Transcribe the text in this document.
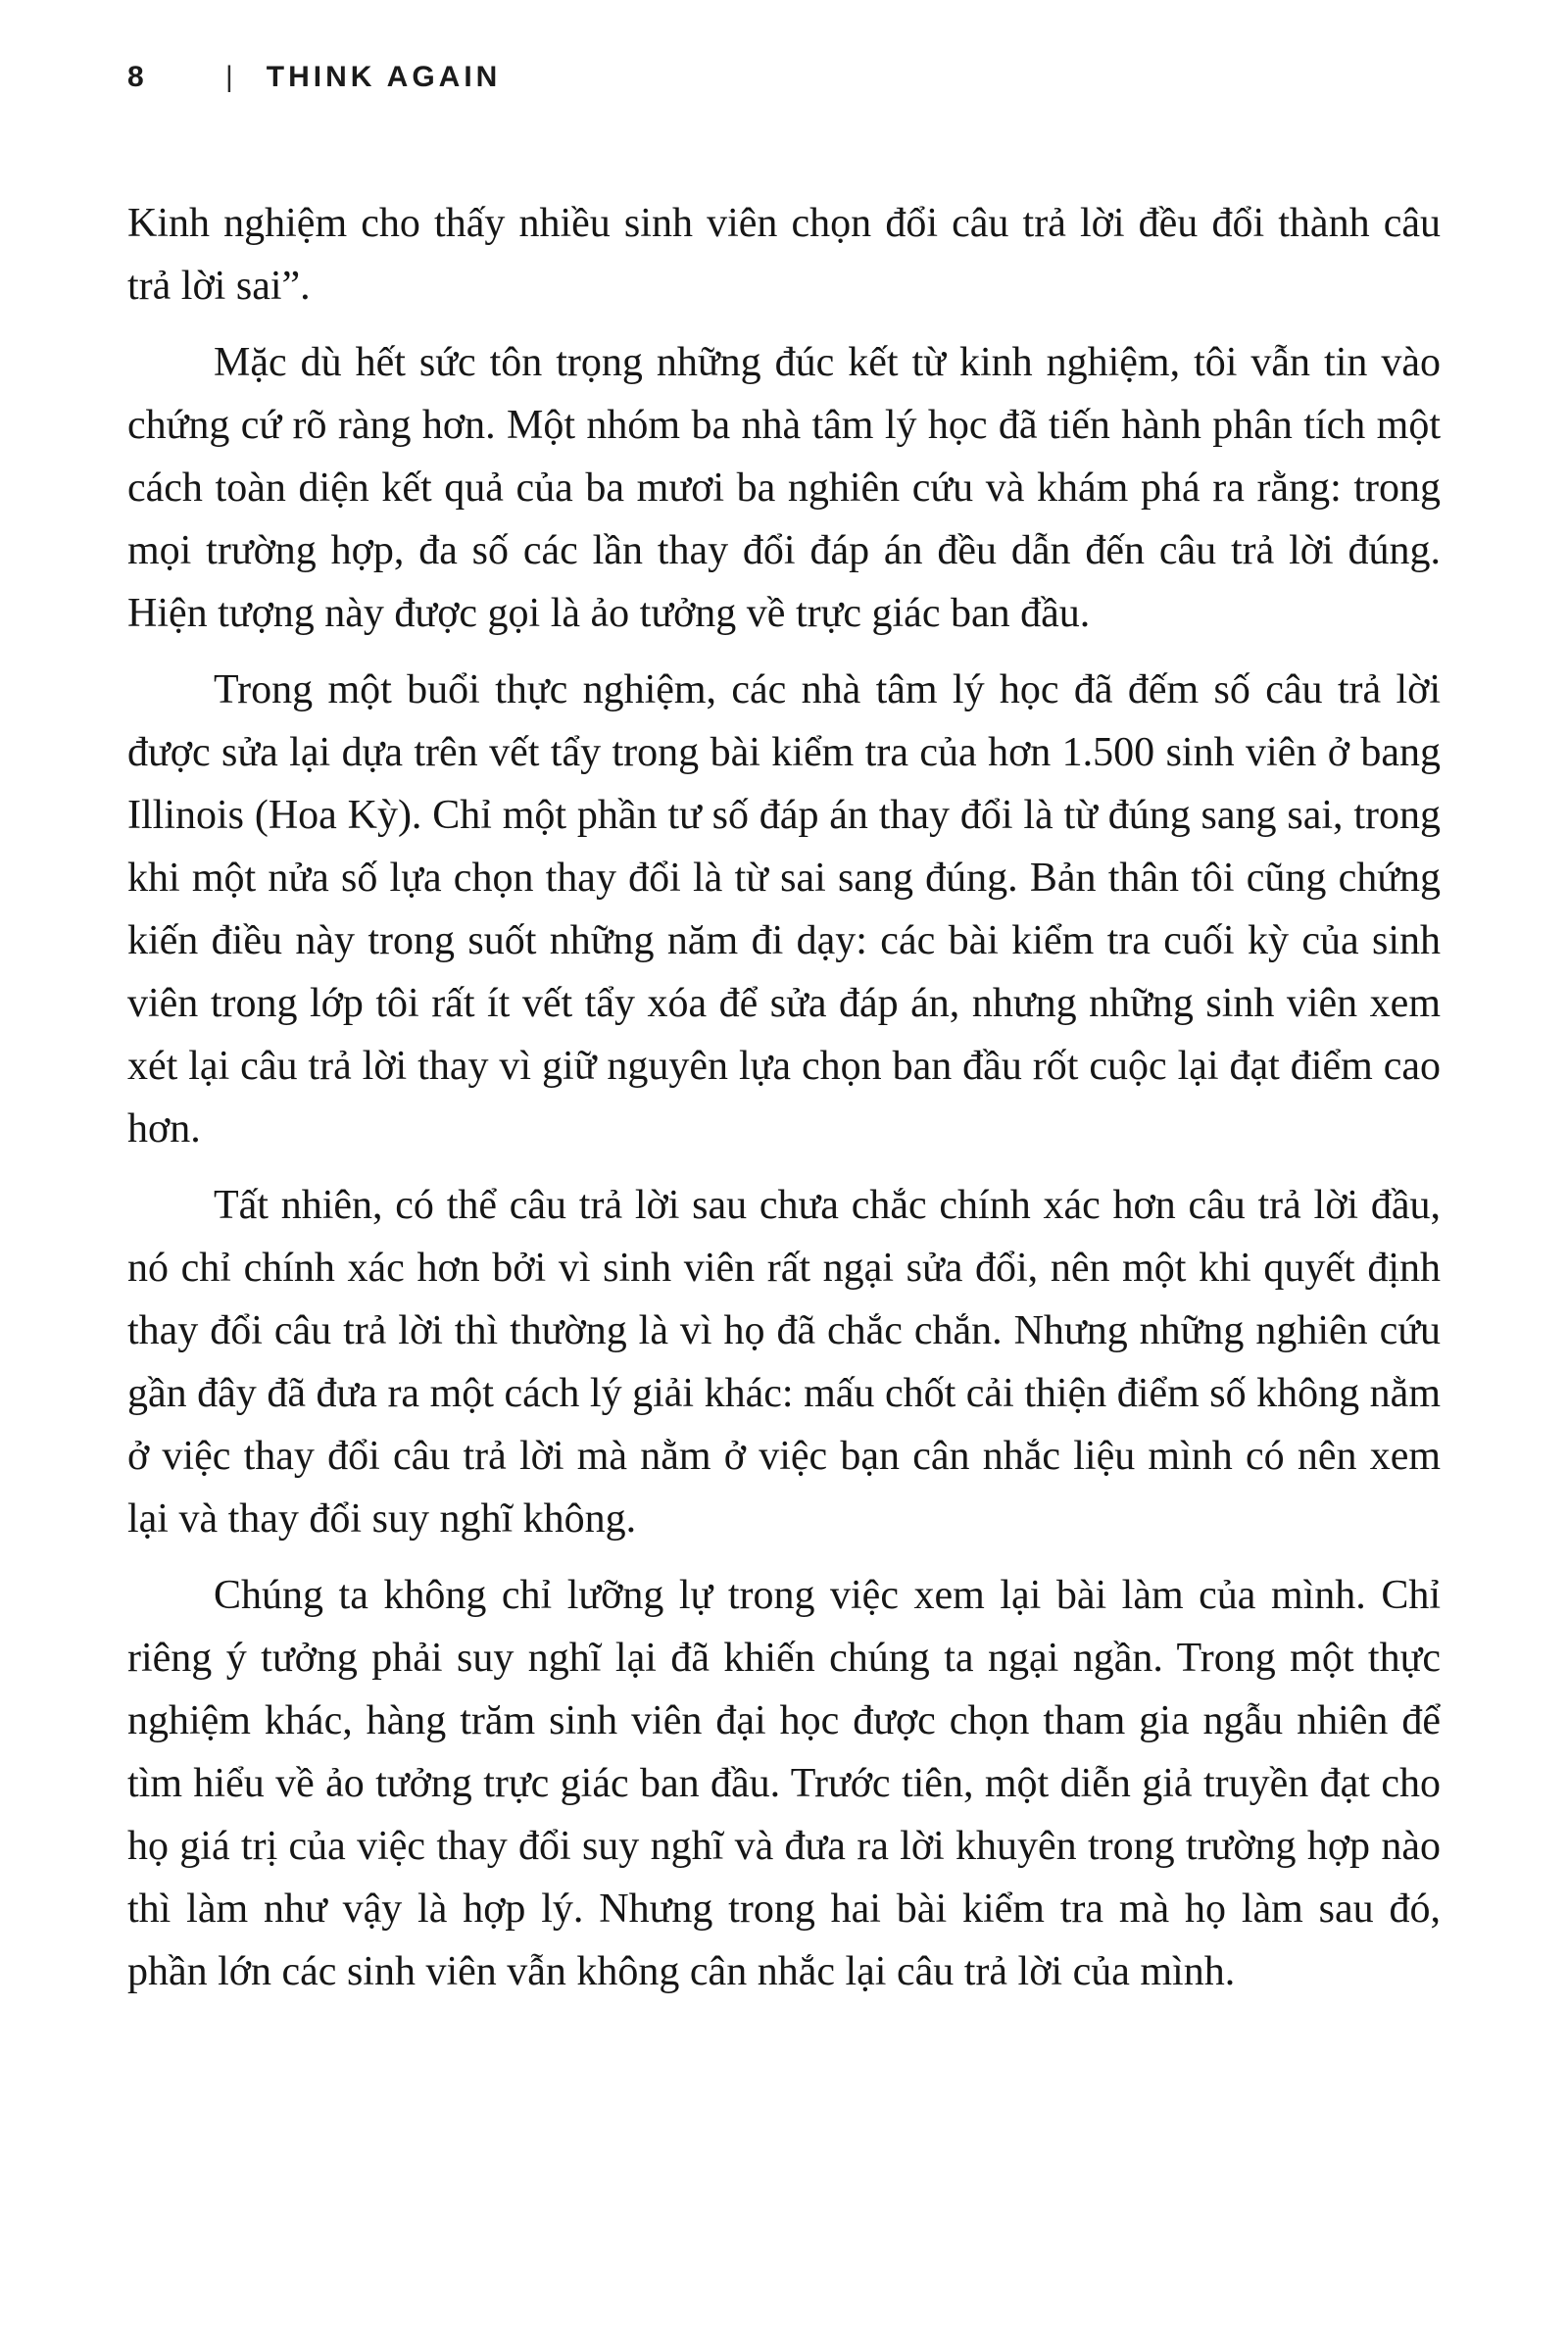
8	| THINK AGAIN

Kinh nghiệm cho thấy nhiều sinh viên chọn đổi câu trả lời đều đổi thành câu trả lời sai”.

Mặc dù hết sức tôn trọng những đúc kết từ kinh nghiệm, tôi vẫn tin vào chứng cứ rõ ràng hơn. Một nhóm ba nhà tâm lý học đã tiến hành phân tích một cách toàn diện kết quả của ba mươi ba nghiên cứu và khám phá ra rằng: trong mọi trường hợp, đa số các lần thay đổi đáp án đều dẫn đến câu trả lời đúng. Hiện tượng này được gọi là ảo tưởng về trực giác ban đầu.

Trong một buổi thực nghiệm, các nhà tâm lý học đã đếm số câu trả lời được sửa lại dựa trên vết tẩy trong bài kiểm tra của hơn 1.500 sinh viên ở bang Illinois (Hoa Kỳ). Chỉ một phần tư số đáp án thay đổi là từ đúng sang sai, trong khi một nửa số lựa chọn thay đổi là từ sai sang đúng. Bản thân tôi cũng chứng kiến điều này trong suốt những năm đi dạy: các bài kiểm tra cuối kỳ của sinh viên trong lớp tôi rất ít vết tẩy xóa để sửa đáp án, nhưng những sinh viên xem xét lại câu trả lời thay vì giữ nguyên lựa chọn ban đầu rốt cuộc lại đạt điểm cao hơn.

Tất nhiên, có thể câu trả lời sau chưa chắc chính xác hơn câu trả lời đầu, nó chỉ chính xác hơn bởi vì sinh viên rất ngại sửa đổi, nên một khi quyết định thay đổi câu trả lời thì thường là vì họ đã chắc chắn. Nhưng những nghiên cứu gần đây đã đưa ra một cách lý giải khác: mấu chốt cải thiện điểm số không nằm ở việc thay đổi câu trả lời mà nằm ở việc bạn cân nhắc liệu mình có nên xem lại và thay đổi suy nghĩ không.

Chúng ta không chỉ lưỡng lự trong việc xem lại bài làm của mình. Chỉ riêng ý tưởng phải suy nghĩ lại đã khiến chúng ta ngại ngần. Trong một thực nghiệm khác, hàng trăm sinh viên đại học được chọn tham gia ngẫu nhiên để tìm hiểu về ảo tưởng trực giác ban đầu. Trước tiên, một diễn giả truyền đạt cho họ giá trị của việc thay đổi suy nghĩ và đưa ra lời khuyên trong trường hợp nào thì làm như vậy là hợp lý. Nhưng trong hai bài kiểm tra mà họ làm sau đó, phần lớn các sinh viên vẫn không cân nhắc lại câu trả lời của mình.
